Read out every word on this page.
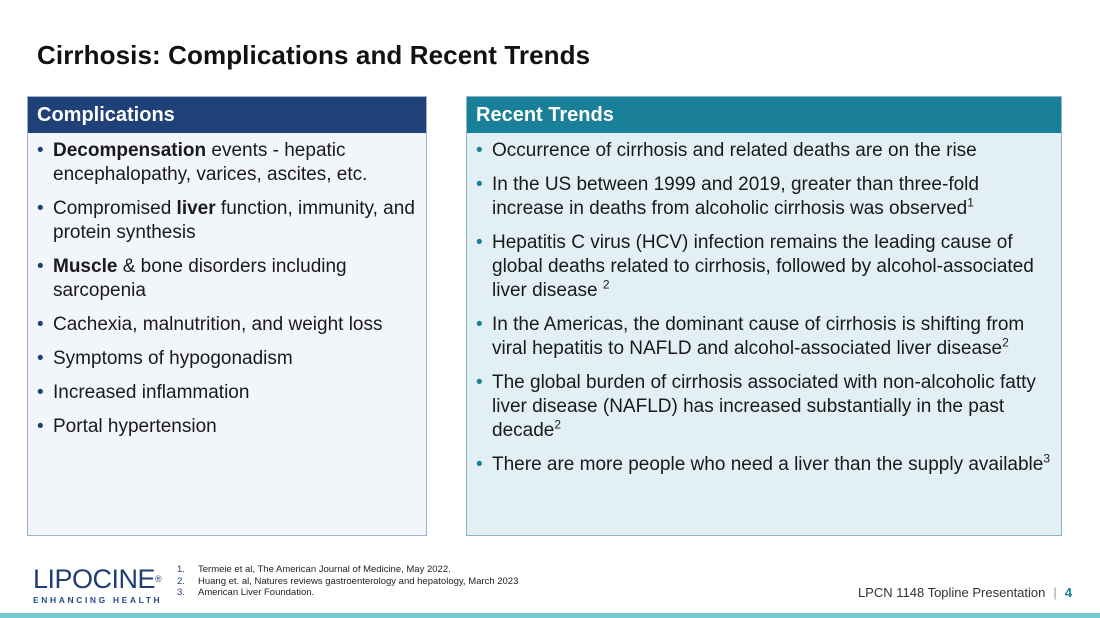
Cirrhosis: Complications and Recent Trends
Complications
• Decompensation events - hepatic encephalopathy, varices, ascites, etc.
• Compromised liver function, immunity, and protein synthesis
• Muscle & bone disorders including sarcopenia
• Cachexia, malnutrition, and weight loss
• Symptoms of hypogonadism
• Increased inflammation
• Portal hypertension
Recent Trends
• Occurrence of cirrhosis and related deaths are on the rise
• In the US between 1999 and 2019, greater than three-fold increase in deaths from alcoholic cirrhosis was observed$^1$
• Hepatitis C virus (HCV) infection remains the leading cause of global deaths related to cirrhosis, followed by alcohol-associated liver disease $^2$
• In the Americas, the dominant cause of cirrhosis is shifting from viral hepatitis to NAFLD and alcohol-associated liver disease$^2$
• The global burden of cirrhosis associated with non-alcoholic fatty liver disease (NAFLD) has increased substantially in the past decade$^2$
• There are more people who need a liver than the supply available$^3$
LIPOCINE®
ENHANCING HEALTH
1.	Termeie et al, The American Journal of Medicine, May 2022.
2.	Huang et. al, Natures reviews gastroenterology and hepatology, March 2023
3.	American Liver Foundation.	LPCN 1148 Topline Presentation | 4
